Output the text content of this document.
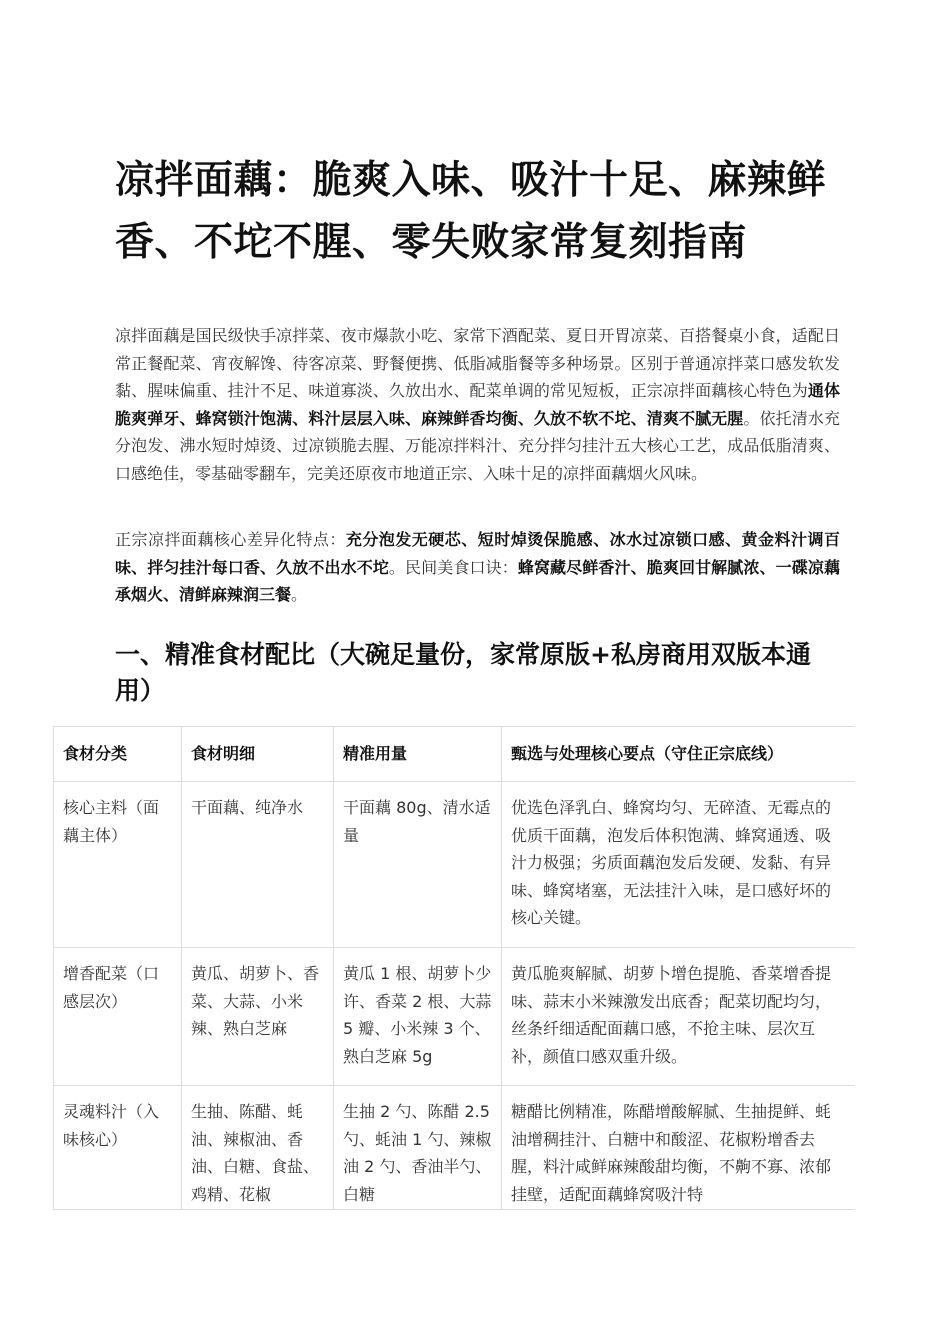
凉拌面藕：脆爽入味、吸汁十足、麻辣鲜香、不坨不腥、零失败家常复刻指南

凉拌面藕是国民级快手凉拌菜、夜市爆款小吃、家常下酒配菜、夏日开胃凉菜、百搭餐桌小食，适配日常正餐配菜、宵夜解馋、待客凉菜、野餐便携、低脂减脂餐等多种场景。区别于普通凉拌菜口感发软发黏、腥味偏重、挂汁不足、味道寡淡、久放出水、配菜单调的常见短板，正宗凉拌面藕核心特色为通体脆爽弹牙、蜂窝锁汁饱满、料汁层层入味、麻辣鲜香均衡、久放不软不坨、清爽不腻无腥。依托清水充分泡发、沸水短时焯烫、过凉锁脆去腥、万能凉拌料汁、充分拌匀挂汁五大核心工艺，成品低脂清爽、口感绝佳，零基础零翻车，完美还原夜市地道正宗、入味十足的凉拌面藕烟火风味。

正宗凉拌面藕核心差异化特点：充分泡发无硬芯、短时焯烫保脆感、冰水过凉锁口感、黄金料汁调百味、拌匀挂汁每口香、久放不出水不坨。民间美食口诀：蜂窝藏尽鲜香汁、脆爽回甘解腻浓、一碟凉藕承烟火、清鲜麻辣润三餐。

一、精准食材配比（大碗足量份，家常原版+私房商用双版本通用）
食材分类	食材明细	精准用量	甄选与处理核心要点（守住正宗底线）
核心主料（面藕主体）	干面藕、纯净水	干面藕 80g、清水适量	优选色泽乳白、蜂窝均匀、无碎渣、无霉点的优质干面藕，泡发后体积饱满、蜂窝通透、吸汁力极强；劣质面藕泡发后发硬、发黏、有异味、蜂窝堵塞，无法挂汁入味，是口感好坏的核心关键。
增香配菜（口感层次）	黄瓜、胡萝卜、香菜、大蒜、小米辣、熟白芝麻	黄瓜 1 根、胡萝卜少许、香菜 2 根、大蒜 5 瓣、小米辣 3 个、熟白芝麻 5g	黄瓜脆爽解腻、胡萝卜增色提脆、香菜增香提味、蒜末小米辣激发出底香；配菜切配均匀，丝条纤细适配面藕口感，不抢主味、层次互补，颜值口感双重升级。
灵魂料汁（入味核心）	生抽、陈醋、蚝油、辣椒油、香油、白糖、食盐、鸡精、花椒	生抽 2 勺、陈醋 2.5 勺、蚝油 1 勺、辣椒油 2 勺、香油半勺、白糖	糖醋比例精准，陈醋增酸解腻、生抽提鲜、蚝油增稠挂汁、白糖中和酸涩、花椒粉增香去腥，料汁咸鲜麻辣酸甜均衡，不齁不寡、浓郁挂壁，适配面藕蜂窝吸汁特
